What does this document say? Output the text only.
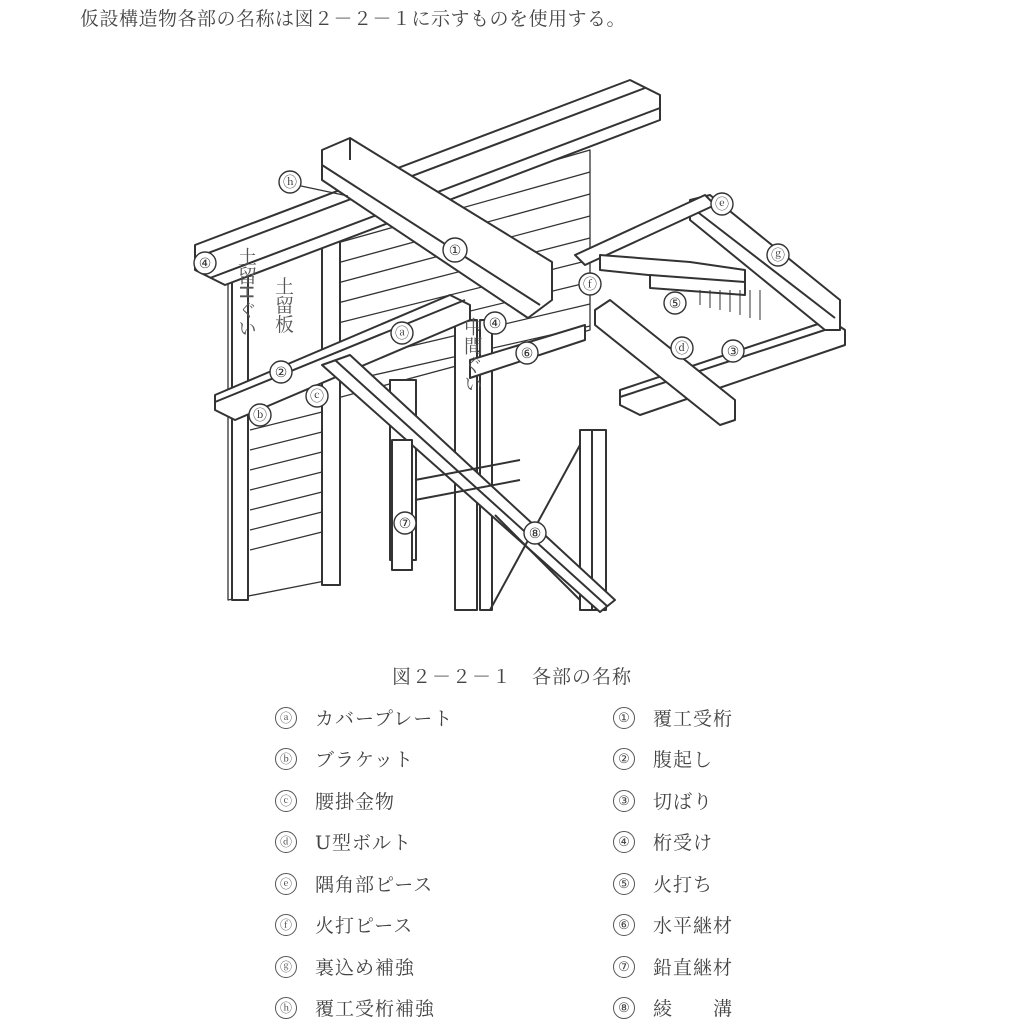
仮設構造物各部の名称は図２－２－１に示すものを使用する。
ⓗ
ⓔ
ⓖ
ⓕ
①
④
④
ⓐ
⑤
ⓓ	③
⑥
②
ⓒ
ⓑ
⑦
⑧
土留板
土留Hぐい
中間ぐい
図２－２－１　各部の名称
ⓐ カバープレート
ⓑ ブラケット
ⓒ 腰掛金物
ⓓ U型ボルト
ⓔ 隅角部ピース
ⓕ 火打ピース
ⓖ 裏込め補強
ⓗ 覆工受桁補強
① 覆工受桁
② 腹起し
③ 切ばり
④ 桁受け
⑤ 火打ち
⑥ 水平継材
⑦ 鉛直継材
⑧ 綾　　溝
